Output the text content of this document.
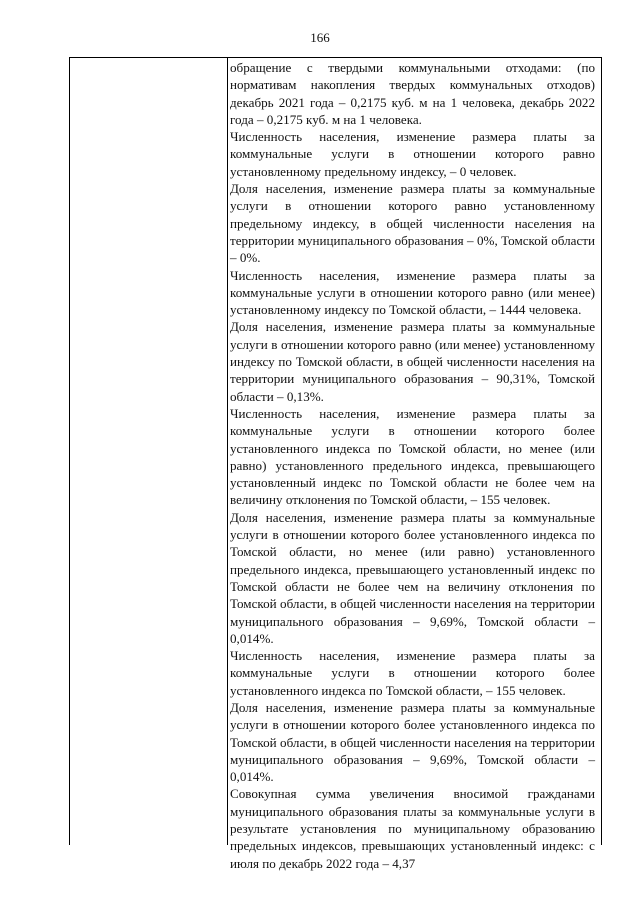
166

обращение с твердыми коммунальными отходами: (по нормативам накопления твердых коммунальных отходов) декабрь 2021 года – 0,2175 куб. м на 1 человека, декабрь 2022 года – 0,2175 куб. м на 1 человека.

Численность населения, изменение размера платы за коммунальные услуги в отношении которого равно установленному предельному индексу, – 0 человек.

Доля населения, изменение размера платы за коммунальные услуги в отношении которого равно установленному предельному индексу, в общей численности населения на территории муниципального образования – 0%, Томской области – 0%.

Численность населения, изменение размера платы за коммунальные услуги в отношении которого равно (или менее) установленному индексу по Томской области, – 1444 человека.

Доля населения, изменение размера платы за коммунальные услуги в отношении которого равно (или менее) установленному индексу по Томской области, в общей численности населения на территории муниципального образования – 90,31%, Томской области – 0,13%.

Численность населения, изменение размера платы за коммунальные услуги в отношении которого более установленного индекса по Томской области, но менее (или равно) установленного предельного индекса, превышающего установленный индекс по Томской области не более чем на величину отклонения по Томской области, – 155 человек.

Доля населения, изменение размера платы за коммунальные услуги в отношении которого более установленного индекса по Томской области, но менее (или равно) установленного предельного индекса, превышающего установленный индекс по Томской области не более чем на величину отклонения по Томской области, в общей численности населения на территории муниципального образования – 9,69%, Томской области – 0,014%.

Численность населения, изменение размера платы за коммунальные услуги в отношении которого более установленного индекса по Томской области, – 155 человек.

Доля населения, изменение размера платы за коммунальные услуги в отношении которого более установленного индекса по Томской области, в общей численности населения на территории муниципального образования – 9,69%, Томской области – 0,014%.

Совокупная сумма увеличения вносимой гражданами муниципального образования платы за коммунальные услуги в результате установления по муниципальному образованию предельных индексов, превышающих установленный индекс: с июля по декабрь 2022 года – 4,37
